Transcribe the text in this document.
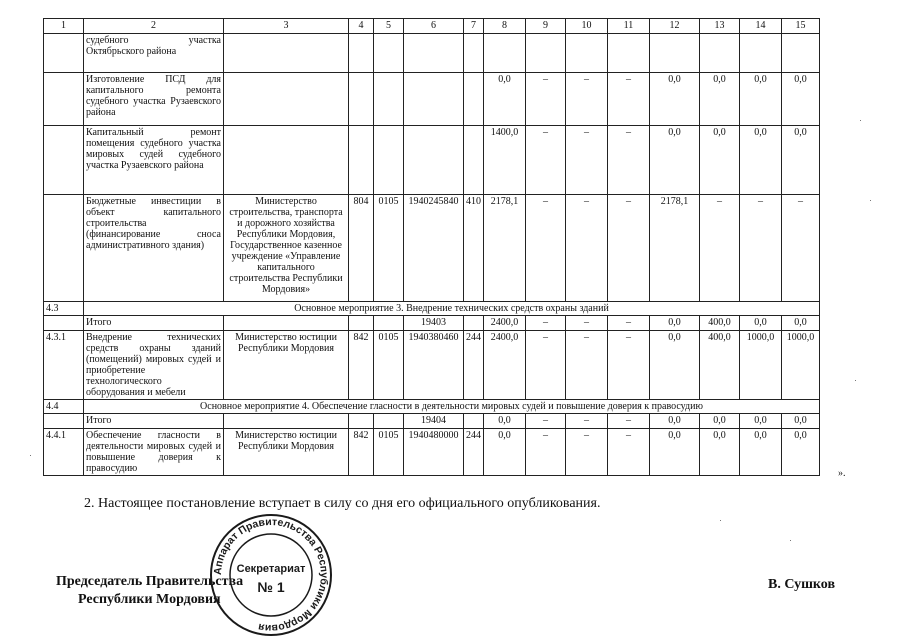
1	2	3	4	5	6	7	8	9	10	11	12	13	14	15
	судебного участка Октябрьского района													
	Изготовление ПСД для капитального ремонта судебного участка Рузаевского района						0,0	–	–	–	0,0	0,0	0,0	0,0
	Капитальный ремонт помещения судебного участка мировых судей судебного участка Рузаевского района						1400,0	–	–	–	0,0	0,0	0,0	0,0
	Бюджетные инвестиции в объект капитального строительства (финансирование сноса административного здания)	Министерство строительства, транспорта и дорожного хозяйства Республики Мордовия, Государственное казенное учреждение «Управление капитального строительства Республики Мордовия»	804	0105	1940245840	410	2178,1	–	–	–	2178,1	–	–	–
4.3	Основное мероприятие 3. Внедрение технических средств охраны зданий													
	Итого				19403		2400,0	–	–	–	0,0	400,0	0,0	0,0
4.3.1	Внедрение технических средств охраны зданий (помещений) мировых судей и приобретение технологического оборудования и мебели	Министерство юстиции Республики Мордовия	842	0105	1940380460	244	2400,0	–	–	–	0,0	400,0	1000,0	1000,0
4.4	Основное мероприятие 4. Обеспечение гласности в деятельности мировых судей и повышение доверия к правосудию													
	Итого				19404		0,0	–	–	–	0,0	0,0	0,0	0,0
4.4.1	Обеспечение гласности в деятельности мировых судей и повышение доверия к правосудию	Министерство юстиции Республики Мордовия	842	0105	1940480000	244	0,0	–	–	–	0,0	0,0	0,0	0,0
».
2. Настоящее постановление вступает в силу со дня его официального опубликования.
Председатель Правительства
Республики Мордовия
В. Сушков
Аппарат Правительства Республики Мордовия
Секретариат
№ 1
